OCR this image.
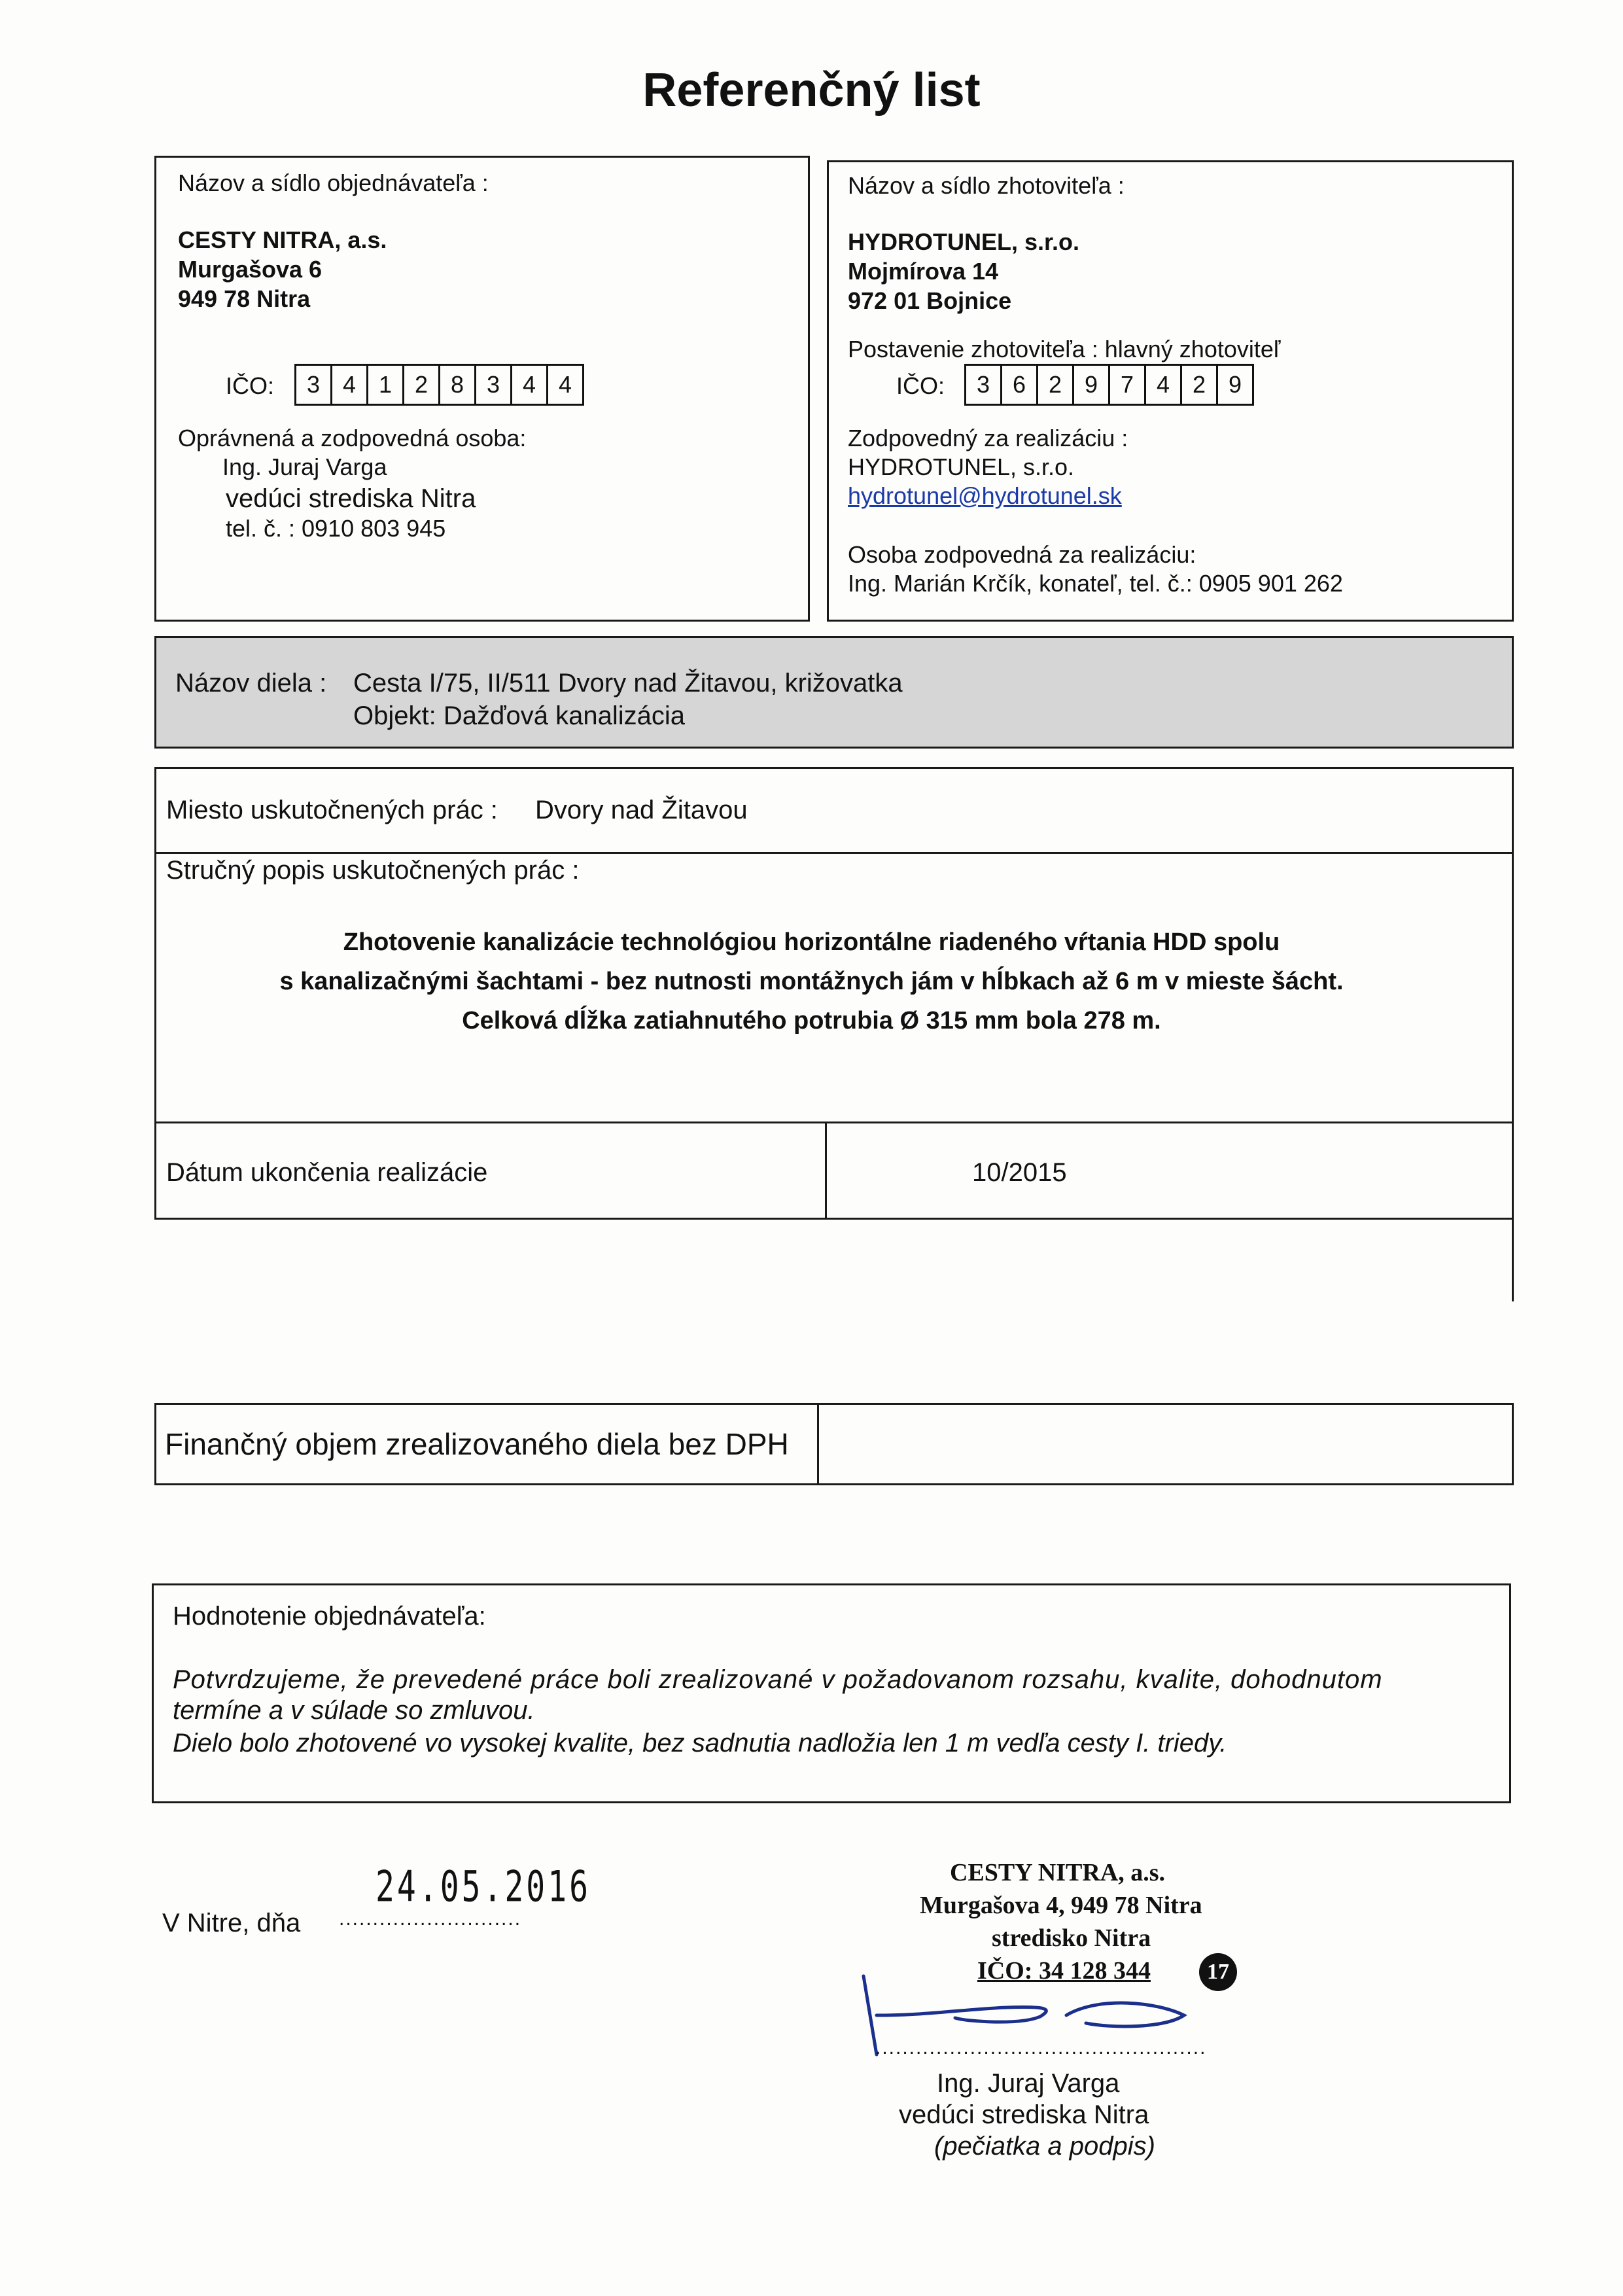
Referenčný list
Názov a sídlo objednávateľa :
CESTY NITRA, a.s.
Murgašova 6
949 78 Nitra
IČO:	3 4 1 2 8 3 4 4
Oprávnená a zodpovedná osoba:
Ing. Juraj Varga
vedúci strediska Nitra
tel. č. : 0910 803 945
Názov a sídlo zhotoviteľa :
HYDROTUNEL, s.r.o.
Mojmírova 14
972 01 Bojnice
Postavenie zhotoviteľa : hlavný zhotoviteľ
IČO:	3 6 2 9 7 4 2 9
Zodpovedný za realizáciu :
HYDROTUNEL, s.r.o.
hydrotunel@hydrotunel.sk
Osoba zodpovedná za realizáciu:
Ing. Marián Krčík, konateľ, tel. č.: 0905 901 262
Názov diela : Cesta I/75, II/511 Dvory nad Žitavou, križovatka
Objekt: Dažďová kanalizácia
Miesto uskutočnených prác : Dvory nad Žitavou
Stručný popis uskutočnených prác :
Zhotovenie kanalizácie technológiou horizontálne riadeného vŕtania HDD spolu
s kanalizačnými šachtami - bez nutnosti montážnych jám v hĺbkach až 6 m v mieste šácht.
Celková dĺžka zatiahnutého potrubia Ø 315 mm bola 278 m.
Dátum ukončenia realizácie	10/2015
Finančný objem zrealizovaného diela bez DPH
Hodnotenie objednávateľa:
Potvrdzujeme, že prevedené práce boli zrealizované v požadovanom rozsahu, kvalite, dohodnutom
termíne a v súlade so zmluvou.
Dielo bolo zhotovené vo vysokej kvalite, bez sadnutia nadložia len 1 m vedľa cesty I. triedy.
V Nitre, dňa
24.05.2016
...........................
CESTY NITRA, a.s.
Murgašova 4, 949 78 Nitra
stredisko Nitra
IČO: 34 128 344	17
.................................................
Ing. Juraj Varga
vedúci strediska Nitra
(pečiatka a podpis)
